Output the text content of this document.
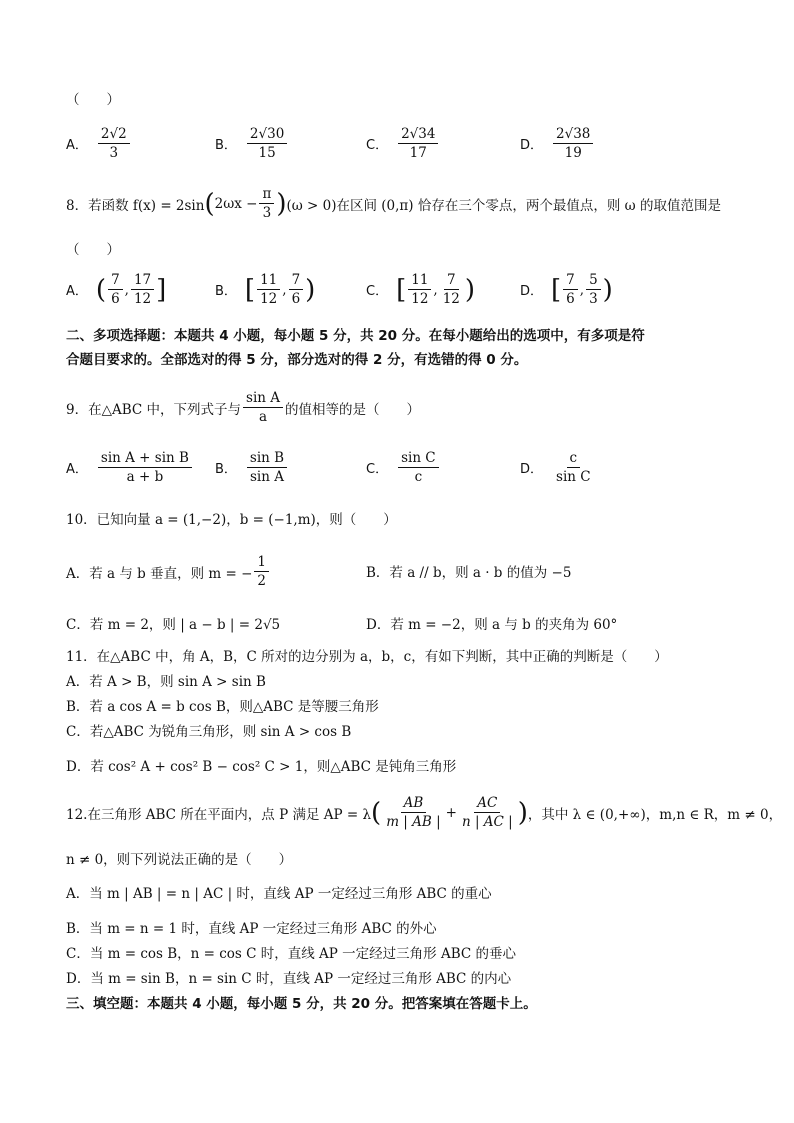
（　　）
A． $\frac{2√2}{3}$	B． $\frac{2√30}{15}$	C． $\frac{2√34}{17}$	D． $\frac{2√38}{19}$
8．若函数 f(x) = 2sin ( $2\omega x - \frac{\pi}{3}$ ) (ω > 0)在区间 (0,π) 恰存在三个零点，两个最值点，则 ω 的取值范围是
（　　）
A． ( $\frac{7}{6}$ , $\frac{17}{12}$ ]	B． [ $\frac{11}{12}$ , $\frac{7}{6}$ )	C． [ $\frac{11}{12}$ , $\frac{7}{12}$ )	D． [ $\frac{7}{6}$ , $\frac{5}{3}$ )
二、多项选择题：本题共 4 小题，每小题 5 分，共 20 分。在每小题给出的选项中，有多项是符
合题目要求的。全部选对的得 5 分，部分选对的得 2 分，有选错的得 0 分。
9．在△ABC 中，下列式子与 $\frac{\text{sin A}}{a}$ 的值相等的是（　　）
A． $\frac{\text{sin A + sin B}}{a + b}$ B． $\frac{\text{sin B}}{\text{sin A}}$	C． $\frac{\text{sin C}}{c}$	D． $\frac{c}{\text{sin C}}$
10．已知向量 a = (1,−2)，b = (−1,m)，则（　　）
A．若 a 与 b 垂直，则 m = − $\frac{1}{2}$	B．若 a // b，则 a · b 的值为 −5
C．若 m = 2，则 | a − b | = 2√5	D．若 m = −2，则 a 与 b 的夹角为 60°
11．在△ABC 中，角 A，B，C 所对的边分别为 a，b，c，有如下判断，其中正确的判断是（　　）
A．若 A > B，则 sin A > sin B
B．若 a cos A = b cos B，则△ABC 是等腰三角形
C．若△ABC 为锐角三角形，则 sin A > cos B
D．若 cos² A + cos² B − cos² C > 1，则△ABC 是钝角三角形
12.在三角形 ABC 所在平面内，点 P 满足 AP = λ ( $\frac{AB}{m | AB |} + \frac{AC}{n | AC |}$ ) ，其中 λ ∈ (0,+∞)，m,n ∈ R，m ≠ 0，
n ≠ 0，则下列说法正确的是（　　）
A．当 m | AB | = n | AC | 时，直线 AP 一定经过三角形 ABC 的重心
B．当 m = n = 1 时，直线 AP 一定经过三角形 ABC 的外心
C．当 m = cos B，n = cos C 时，直线 AP 一定经过三角形 ABC 的垂心
D．当 m = sin B，n = sin C 时，直线 AP 一定经过三角形 ABC 的内心
三、填空题：本题共 4 小题，每小题 5 分，共 20 分。把答案填在答题卡上。
